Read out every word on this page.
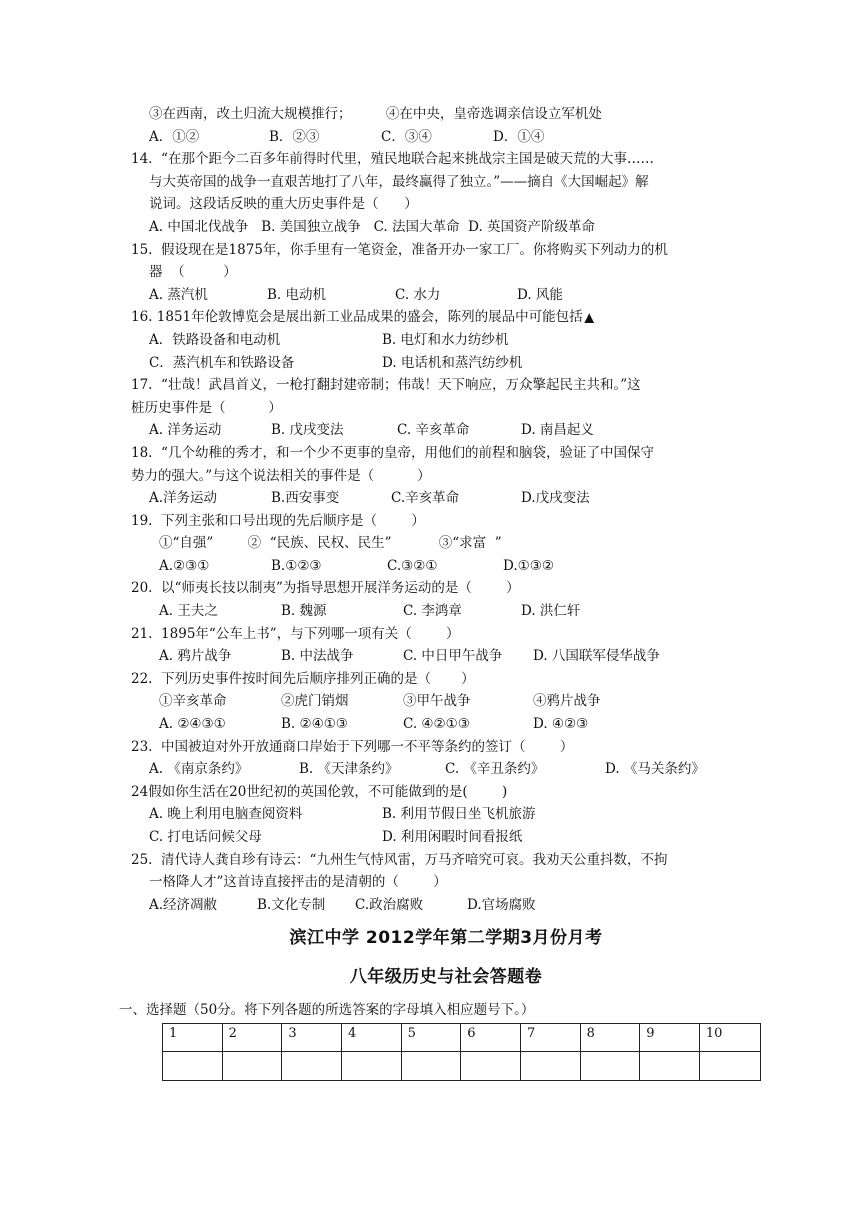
③在西南，改土归流大规模推行；        ④在中央，皇帝选调亲信设立军机处
A．①②	B．②③	C．③④	D．①④
14.  “在那个距今二百多年前得时代里，殖民地联合起来挑战宗主国是破天荒的大事……
与大英帝国的战争一直艰苦地打了八年，最终赢得了独立。”——摘自《大国崛起》解
说词。这段话反映的重大历史事件是（      ）
A. 中国北伐战争   B. 美国独立战争   C. 法国大革命  D. 英国资产阶级革命
15.  假设现在是1875年，你手里有一笔资金，准备开办一家工厂。你将购买下列动力的机
器  （         ）
A. 蒸汽机	B. 电动机	C. 水力	D. 风能
16. 1851年伦敦博览会是展出新工业品成果的盛会，陈列的展品中可能包括 ▲
A．铁路设备和电动机	B. 电灯和水力纺纱机
C．蒸汽机车和铁路设备	D. 电话机和蒸汽纺纱机
17.  “壮哉！武昌首义，一枪打翻封建帝制；伟哉！天下响应，万众擎起民主共和。”这
桩历史事件是（          ）
A. 洋务运动	B. 戊戌变法	C. 辛亥革命	D. 南昌起义
18.  “几个幼稚的秀才，和一个少不更事的皇帝，用他们的前程和脑袋，验证了中国保守
势力的强大。”与这个说法相关的事件是（          ）
A.洋务运动	B.西安事变	C.辛亥革命	D.戊戌变法
19.  下列主张和口号出现的先后顺序是（        ）
①“自强”        ②  “民族、民权、民生”           ③“求富  ”
A.②③①	B.①②③	C.③②①	D.①③②
20.  以“师夷长技以制夷”为指导思想开展洋务运动的是（        ）
A. 王夫之	B. 魏源	C. 李鸿章	D. 洪仁轩
21.  1895年“公车上书”，与下列哪一项有关（        ）
A. 鸦片战争	B. 中法战争	C. 中日甲午战争	D. 八国联军侵华战争
22.  下列历史事件按时间先后顺序排列正确的是（       ）
①辛亥革命	②虎门销烟	③甲午战争	④鸦片战争
A. ②④③①	B. ②④①③	C. ④②①③	D. ④②③
23.  中国被迫对外开放通商口岸始于下列哪一不平等条约的签订（        ）
A. 《南京条约》	B. 《天津条约》	C. 《辛丑条约》	D. 《马关条约》
24假如你生活在20世纪初的英国伦敦，不可能做到的是(        )
A. 晚上利用电脑查阅资料	B. 利用节假日坐飞机旅游
C. 打电话问候父母	D. 利用闲暇时间看报纸
25.  清代诗人龚自珍有诗云：“九州生气恃风雷，万马齐喑究可哀。我劝天公重抖数，不拘
一格降人才”这首诗直接抨击的是清朝的（        ）
A.经济凋敝	B.文化专制	C.政治腐败	D.官场腐败
滨江中学 2012学年第二学期3月份月考
八年级历史与社会答题卷
一、选择题（50分。将下列各题的所选答案的字母填入相应题号下。）
1	2	3	4	5	6	7	8	9	10
